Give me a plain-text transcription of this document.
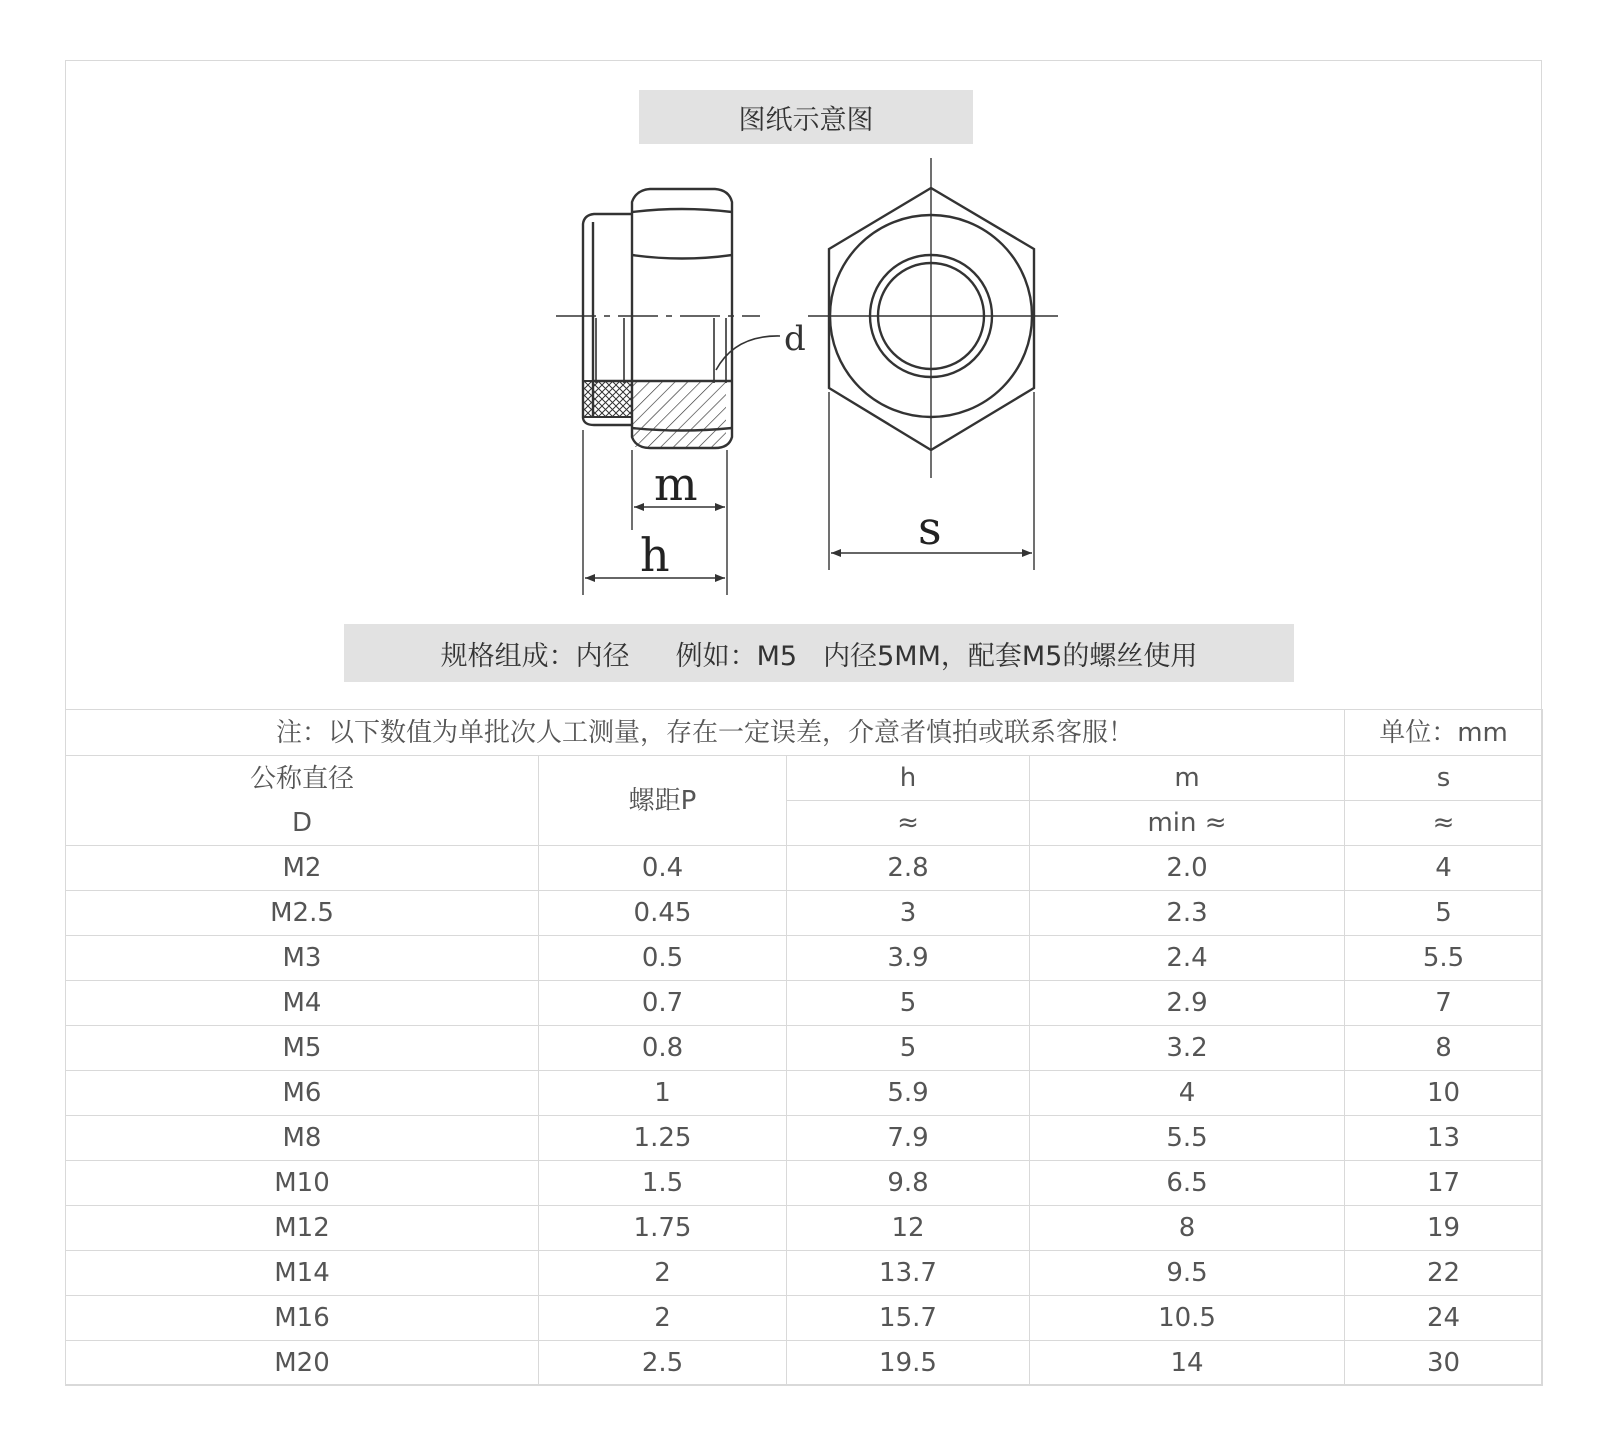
图纸示意图
d
m
h	s
规格组成：内径 例如：M5 内径5MM，配套M5的螺丝使用
注：以下数值为单批次人工测量，存在一定误差，介意者慎拍或联系客服！				单位：mm

公称直径
D	螺距P	h	m	s
		≈	min ≈	≈
M2	0.4	2.8	2.0	4
M2.5	0.45	3	2.3	5
M3	0.5	3.9	2.4	5.5
M4	0.7	5	2.9	7
M5	0.8	5	3.2	8
M6	1	5.9	4	10
M8	1.25	7.9	5.5	13
M10	1.5	9.8	6.5	17
M12	1.75	12	8	19
M14	2	13.7	9.5	22
M16	2	15.7	10.5	24
M20	2.5	19.5	14	30
